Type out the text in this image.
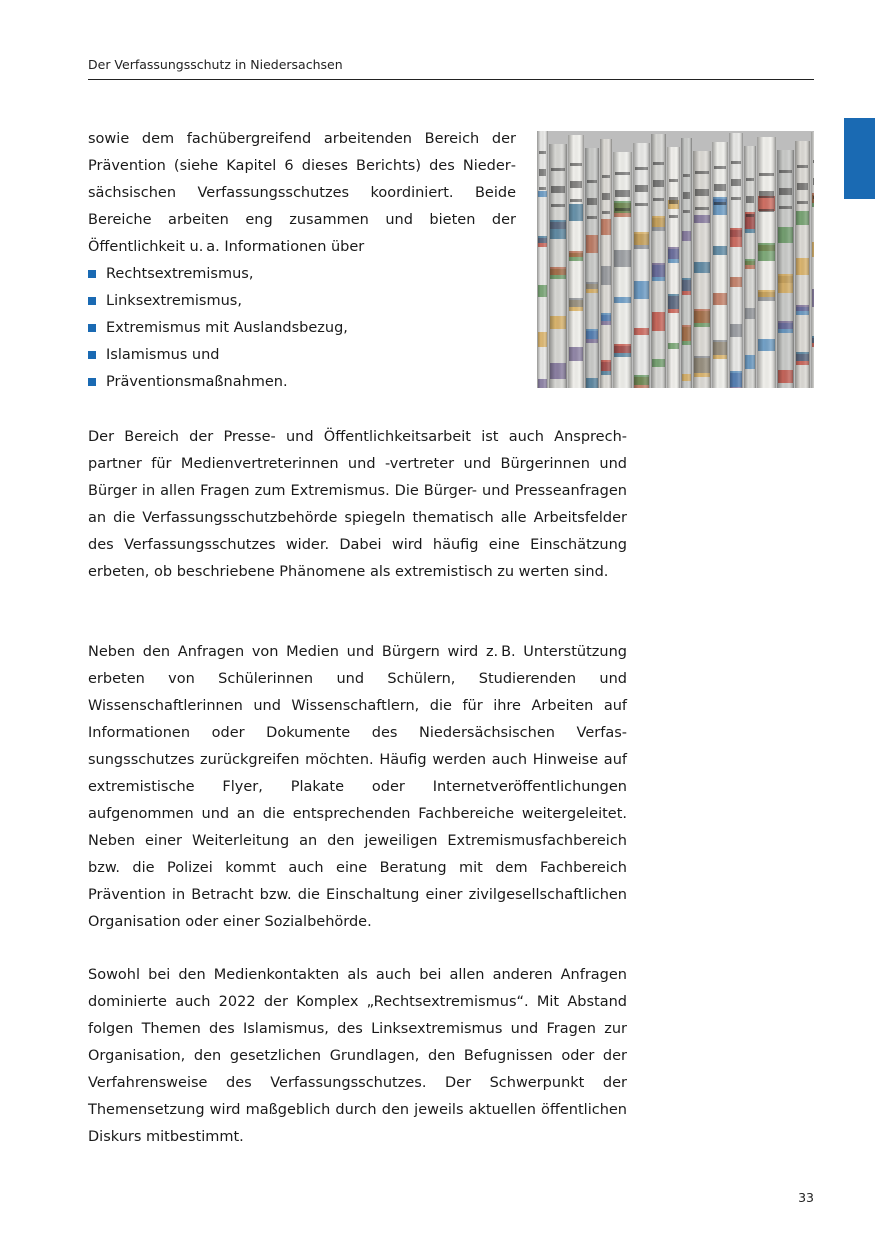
Der Verfassungsschutz in Niedersachsen

sowie dem fachübergreifend arbeitenden Bereich der Prävention (siehe Kapitel 6 dieses Berichts) des Niedersächsischen Verfassungsschutzes koordiniert. Beide Bereiche arbeiten eng zusammen und bieten der Öffentlichkeit u. a. Informationen über

Rechtsextremismus,
Linksextremismus,
Extremismus mit Auslandsbezug,
Islamismus und
Präventionsmaßnahmen.

Der Bereich der Presse- und Öffentlichkeitsarbeit ist auch Ansprechpartner für Medienvertreterinnen und -vertreter und Bürgerinnen und Bürger in allen Fragen zum Extremismus. Die Bürger- und Presseanfragen an die Verfassungsschutzbehörde spiegeln thematisch alle Arbeitsfelder des Verfassungsschutzes wider. Dabei wird häufig eine Einschätzung erbeten, ob beschriebene Phänomene als extremistisch zu werten sind.

Neben den Anfragen von Medien und Bürgern wird z. B. Unterstützung erbeten von Schülerinnen und Schülern, Studierenden und Wissenschaftlerinnen und Wissenschaftlern, die für ihre Arbeiten auf Informationen oder Dokumente des Niedersächsischen Verfassungsschutzes zurückgreifen möchten. Häufig werden auch Hinweise auf extremistische Flyer, Plakate oder Internetveröffentlichungen aufgenommen und an die entsprechenden Fachbereiche weitergeleitet. Neben einer Weiterleitung an den jeweiligen Extremismusfachbereich bzw. die Polizei kommt auch eine Beratung mit dem Fachbereich Prävention in Betracht bzw. die Einschaltung einer zivilgesellschaftlichen Organisation oder einer Sozialbehörde.

Sowohl bei den Medienkontakten als auch bei allen anderen Anfragen dominierte auch 2022 der Komplex „Rechtsextremismus“. Mit Abstand folgen Themen des Islamismus, des Linksextremismus und Fragen zur Organisation, den gesetzlichen Grundlagen, den Befugnissen oder der Verfahrensweise des Verfassungsschutzes. Der Schwerpunkt der Themensetzung wird maßgeblich durch den jeweils aktuellen öffentlichen Diskurs mitbestimmt.

33
